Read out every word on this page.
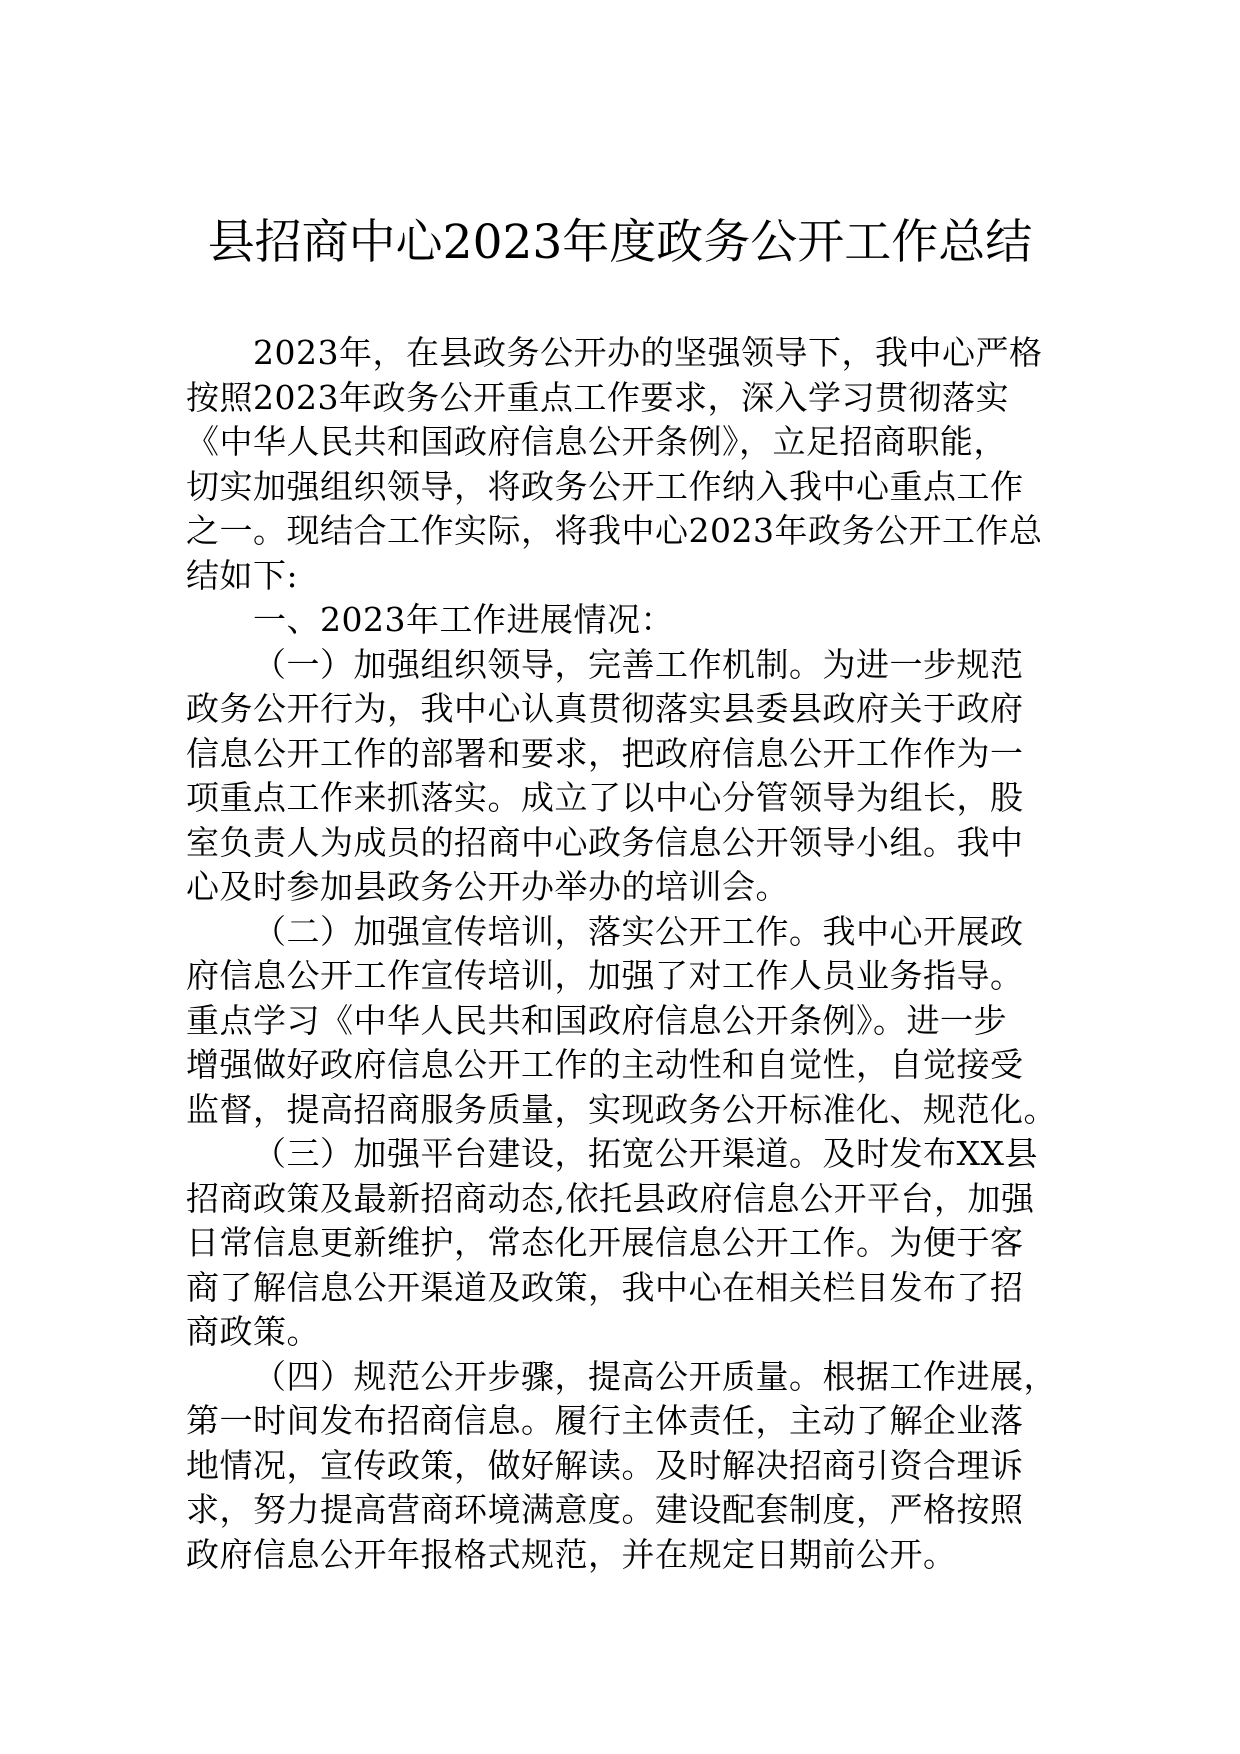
县招商中心2023年度政务公开工作总结
2023年，在县政务公开办的坚强领导下，我中心严格
按照2023年政务公开重点工作要求，深入学习贯彻落实
《中华人民共和国政府信息公开条例》，立足招商职能，
切实加强组织领导，将政务公开工作纳入我中心重点工作
之一。现结合工作实际，将我中心2023年政务公开工作总
结如下:
一、2023年工作进展情况：
（一）加强组织领导，完善工作机制。为进一步规范
政务公开行为，我中心认真贯彻落实县委县政府关于政府
信息公开工作的部署和要求，把政府信息公开工作作为一
项重点工作来抓落实。成立了以中心分管领导为组长，股
室负责人为成员的招商中心政务信息公开领导小组。我中
心及时参加县政务公开办举办的培训会。
（二）加强宣传培训，落实公开工作。我中心开展政
府信息公开工作宣传培训，加强了对工作人员业务指导。
重点学习《中华人民共和国政府信息公开条例》。进一步
增强做好政府信息公开工作的主动性和自觉性，自觉接受
监督，提高招商服务质量，实现政务公开标准化、规范化。
（三）加强平台建设，拓宽公开渠道。及时发布XX县
招商政策及最新招商动态,依托县政府信息公开平台，加强
日常信息更新维护，常态化开展信息公开工作。为便于客
商了解信息公开渠道及政策，我中心在相关栏目发布了招
商政策。
（四）规范公开步骤，提高公开质量。根据工作进展，
第一时间发布招商信息。履行主体责任，主动了解企业落
地情况，宣传政策，做好解读。及时解决招商引资合理诉
求，努力提高营商环境满意度。建设配套制度，严格按照
政府信息公开年报格式规范，并在规定日期前公开。
